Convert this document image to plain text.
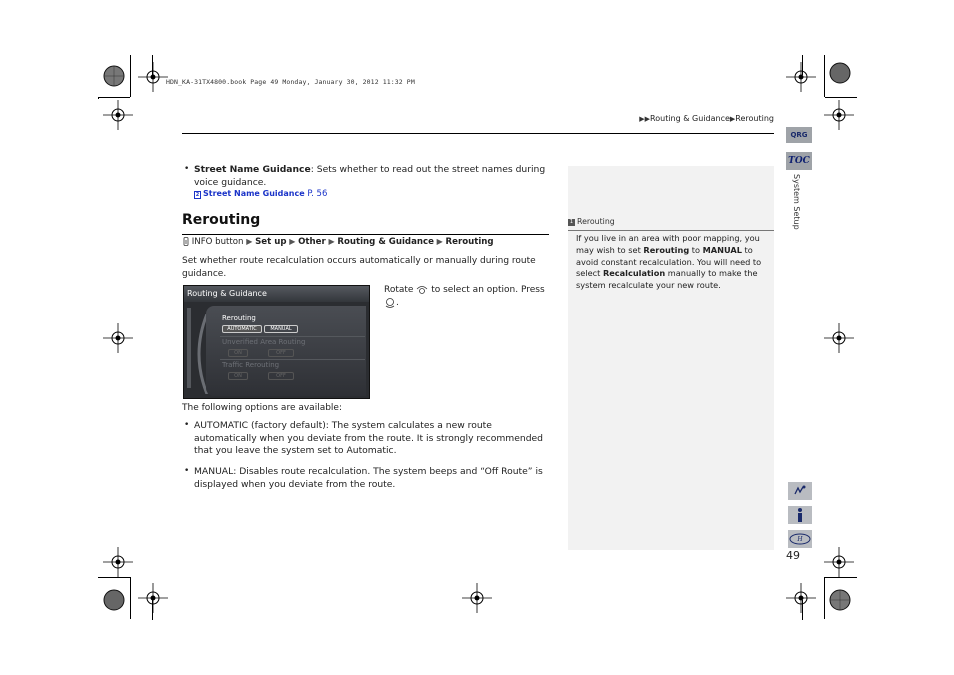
HDN_KA-31TX4800.book Page 49 Monday, January 30, 2012 11:32 PM
▶▶Routing & Guidance▶Rerouting
QRG
TOC
System Setup
H
49
• Street Name Guidance: Sets whether to read out the street names during voice guidance.
2 Street Name Guidance P. 56
Rerouting
INFO button ▶ Set up ▶ Other ▶ Routing & Guidance ▶ Rerouting
Set whether route recalculation occurs automatically or manually during route guidance.
Routing & Guidance
Rerouting
AUTOMATIC	MANUAL
Unverified Area Routing
ON	OFF
Traffic Rerouting
ON	OFF
Rotate  to select an option. Press .
The following options are available:
• AUTOMATIC (factory default): The system calculates a new route automatically when you deviate from the route. It is strongly recommended that you leave the system set to Automatic.
• MANUAL: Disables route recalculation. The system beeps and “Off Route” is displayed when you deviate from the route.
1 Rerouting
If you live in an area with poor mapping, you may wish to set Rerouting to MANUAL to avoid constant recalculation. You will need to select Recalculation manually to make the system recalculate your new route.
